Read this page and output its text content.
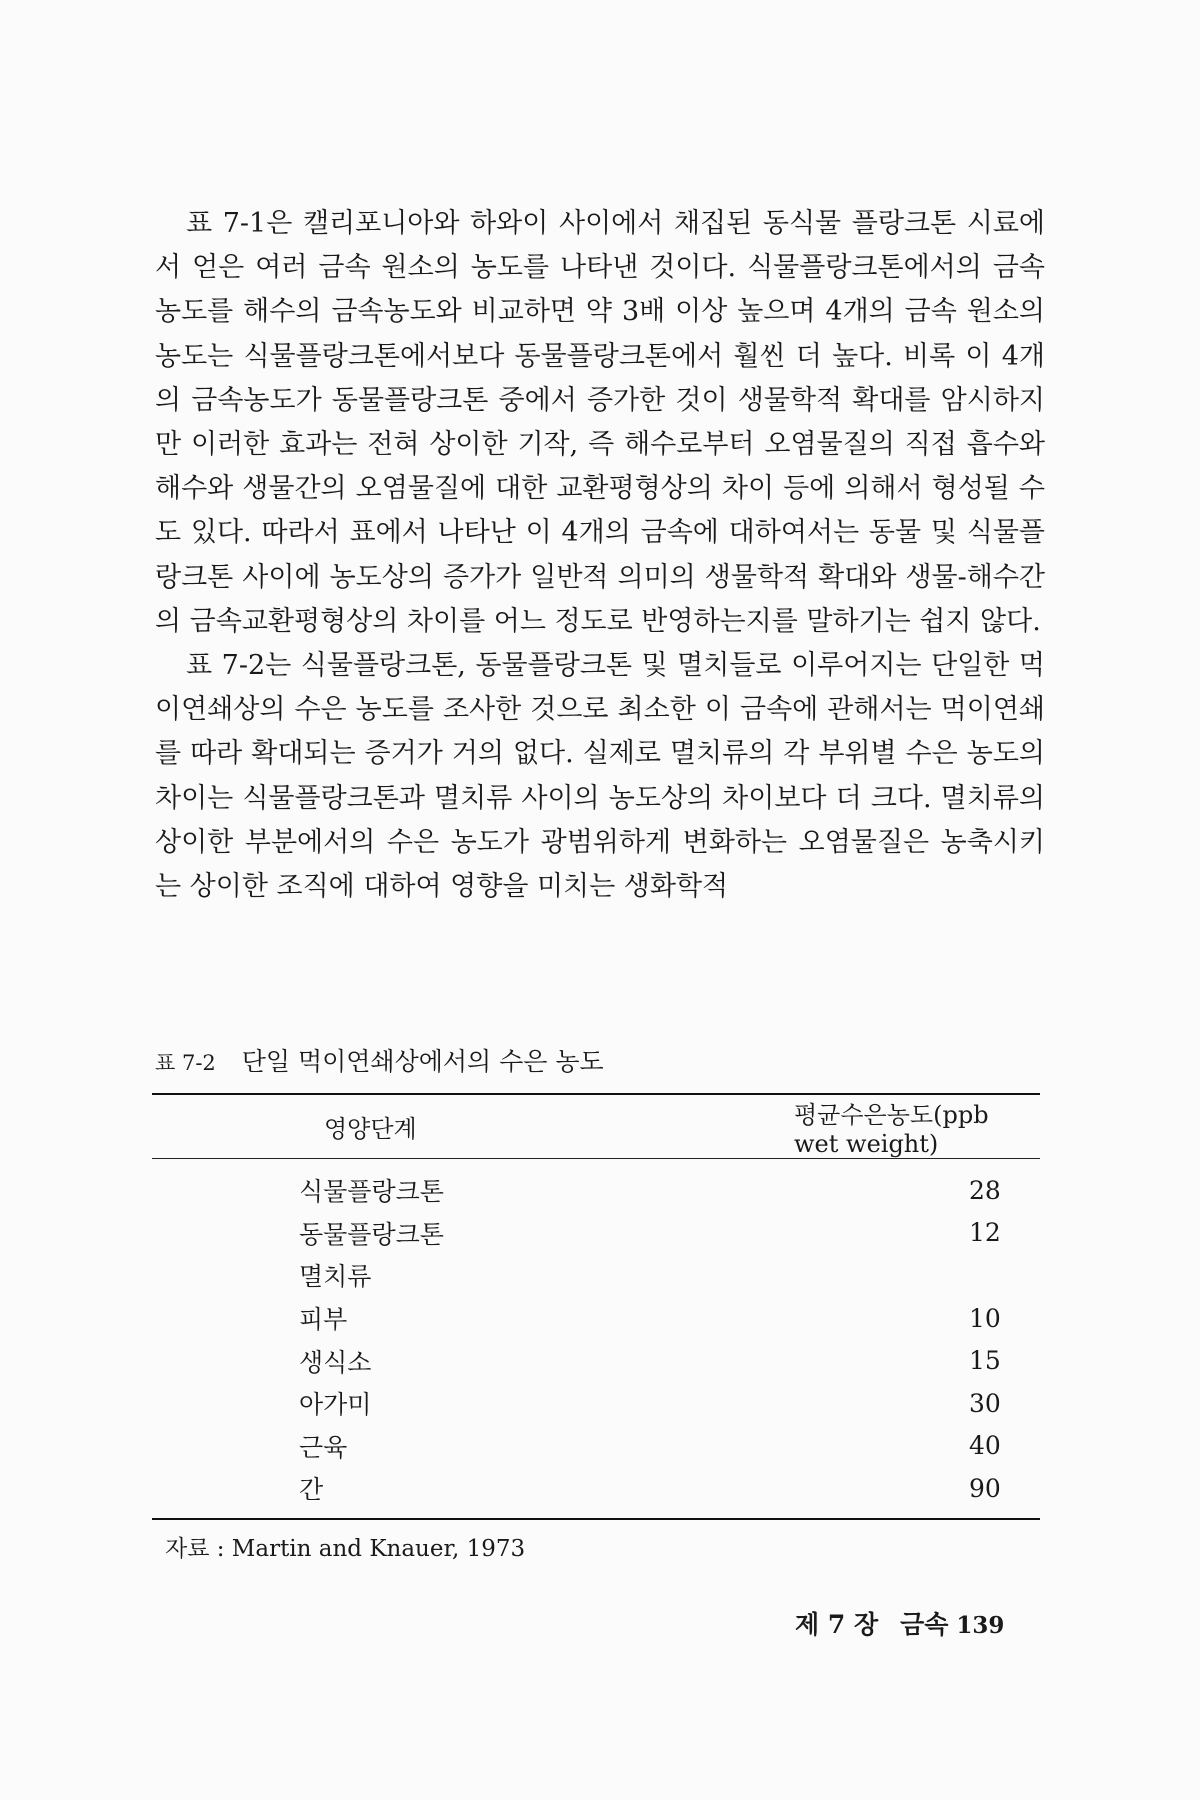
표 7-1은 캘리포니아와 하와이 사이에서 채집된 동식물 플랑크톤 시료에서 얻은 여러 금속 원소의 농도를 나타낸 것이다. 식물플랑크톤에서의 금속농도를 해수의 금속농도와 비교하면 약 3배 이상 높으며 4개의 금속 원소의 농도는 식물플랑크톤에서보다 동물플랑크톤에서 훨씬 더 높다. 비록 이 4개의 금속농도가 동물플랑크톤 중에서 증가한 것이 생물학적 확대를 암시하지만 이러한 효과는 전혀 상이한 기작, 즉 해수로부터 오염물질의 직접 흡수와 해수와 생물간의 오염물질에 대한 교환평형상의 차이 등에 의해서 형성될 수도 있다. 따라서 표에서 나타난 이 4개의 금속에 대하여서는 동물 및 식물플랑크톤 사이에 농도상의 증가가 일반적 의미의 생물학적 확대와 생물-해수간의 금속교환평형상의 차이를 어느 정도로 반영하는지를 말하기는 쉽지 않다.

표 7-2는 식물플랑크톤, 동물플랑크톤 및 멸치들로 이루어지는 단일한 먹이연쇄상의 수은 농도를 조사한 것으로 최소한 이 금속에 관해서는 먹이연쇄를 따라 확대되는 증거가 거의 없다. 실제로 멸치류의 각 부위별 수은 농도의 차이는 식물플랑크톤과 멸치류 사이의 농도상의 차이보다 더 크다. 멸치류의 상이한 부분에서의 수은 농도가 광범위하게 변화하는 오염물질은 농축시키는 상이한 조직에 대하여 영향을 미치는 생화학적

표 7-2 단일 먹이연쇄상에서의 수은 농도
영양단계	평균수은농도(ppb wet weight)
식물플랑크톤	28
동물플랑크톤	12
멸치류	
피부	10
생식소	15
아가미	30
근육	40
간	90
자료 : Martin and Knauer, 1973
제 7 장 금속 139
